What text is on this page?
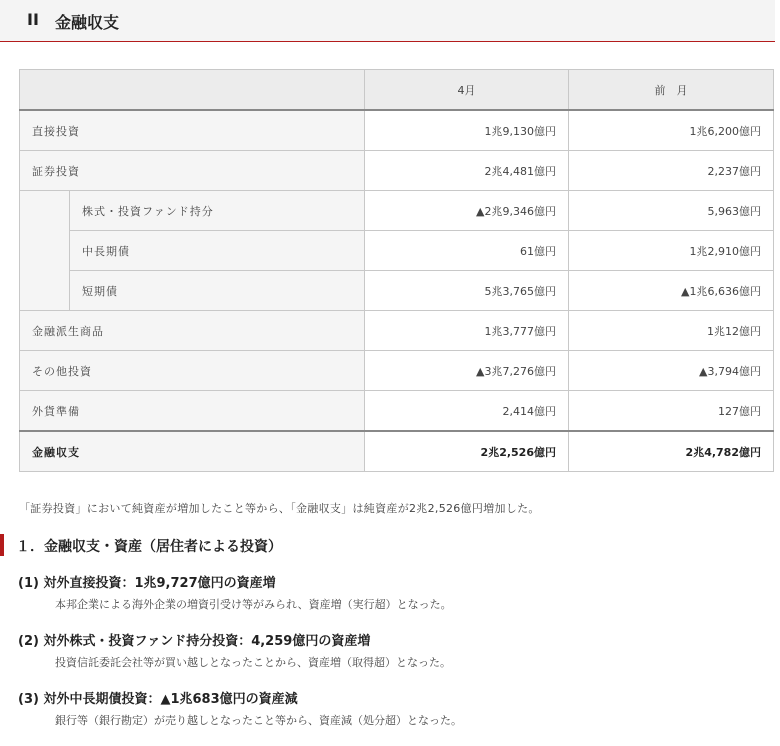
II 金融収支
		4月	前　月
直接投資		1兆9,130億円	1兆6,200億円
証券投資		2兆4,481億円	2,237億円
	株式・投資ファンド持分	▲2兆9,346億円	5,963億円
	中長期債	61億円	1兆2,910億円
	短期債	5兆3,765億円	▲1兆6,636億円
金融派生商品		1兆3,777億円	1兆12億円
その他投資		▲3兆7,276億円	▲3,794億円
外貨準備		2,414億円	127億円
金融収支		2兆2,526億円	2兆4,782億円
「証券投資」において純資産が増加したこと等から、「金融収支」は純資産が2兆2,526億円増加した。
１．金融収支・資産（居住者による投資）
(1) 対外直接投資：1兆9,727億円の資産増
本邦企業による海外企業の増資引受け等がみられ、資産増（実行超）となった。
(2) 対外株式・投資ファンド持分投資：4,259億円の資産増
投資信託委託会社等が買い越しとなったことから、資産増（取得超）となった。
(3) 対外中長期債投資：▲1兆683億円の資産減
銀行等（銀行勘定）が売り越しとなったこと等から、資産減（処分超）となった。
